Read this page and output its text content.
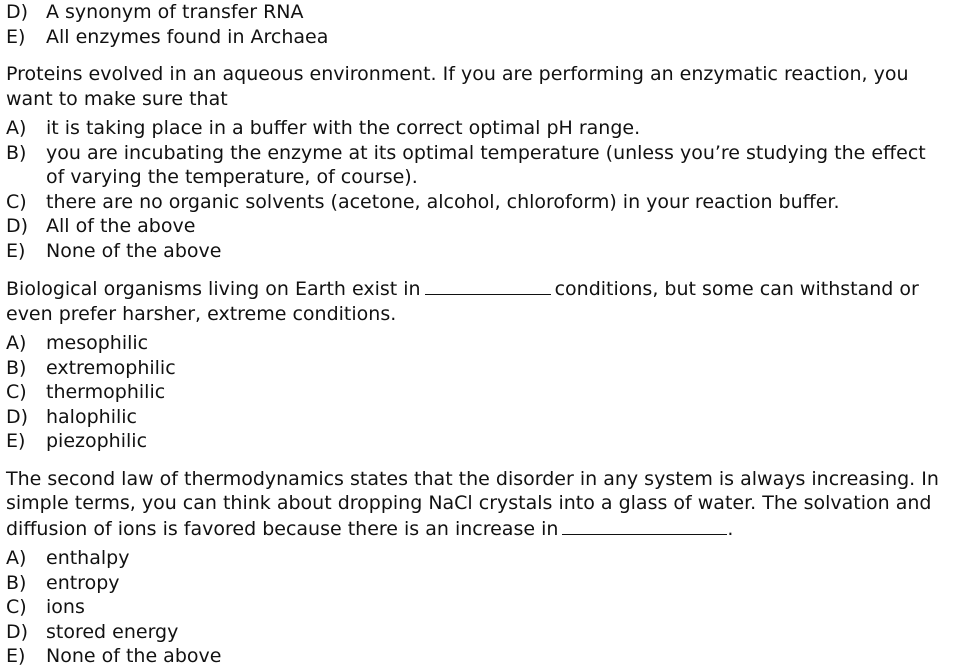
D) A synonym of transfer RNA
E)	All enzymes found in Archaea
Proteins evolved in an aqueous environment. If you are performing an enzymatic reaction, you want to make sure that
A)	it is taking place in a buffer with the correct optimal pH range.
B)	you are incubating the enzyme at its optimal temperature (unless you’re studying the effect of varying the temperature, of course).
C)	there are no organic solvents (acetone, alcohol, chloroform) in your reaction buffer.
D) All of the above
E)	None of the above
Biological organisms living on Earth exist in	conditions, but some can withstand or even prefer harsher, extreme conditions.
A)	mesophilic
B)	extremophilic
C)	thermophilic
D) halophilic
E)	piezophilic
The second law of thermodynamics states that the disorder in any system is always increasing. In simple terms, you can think about dropping NaCl crystals into a glass of water. The solvation and diffusion of ions is favored because there is an increase in	.
A)	enthalpy
B)	entropy
C)	ions
D) stored energy
E)	None of the above
